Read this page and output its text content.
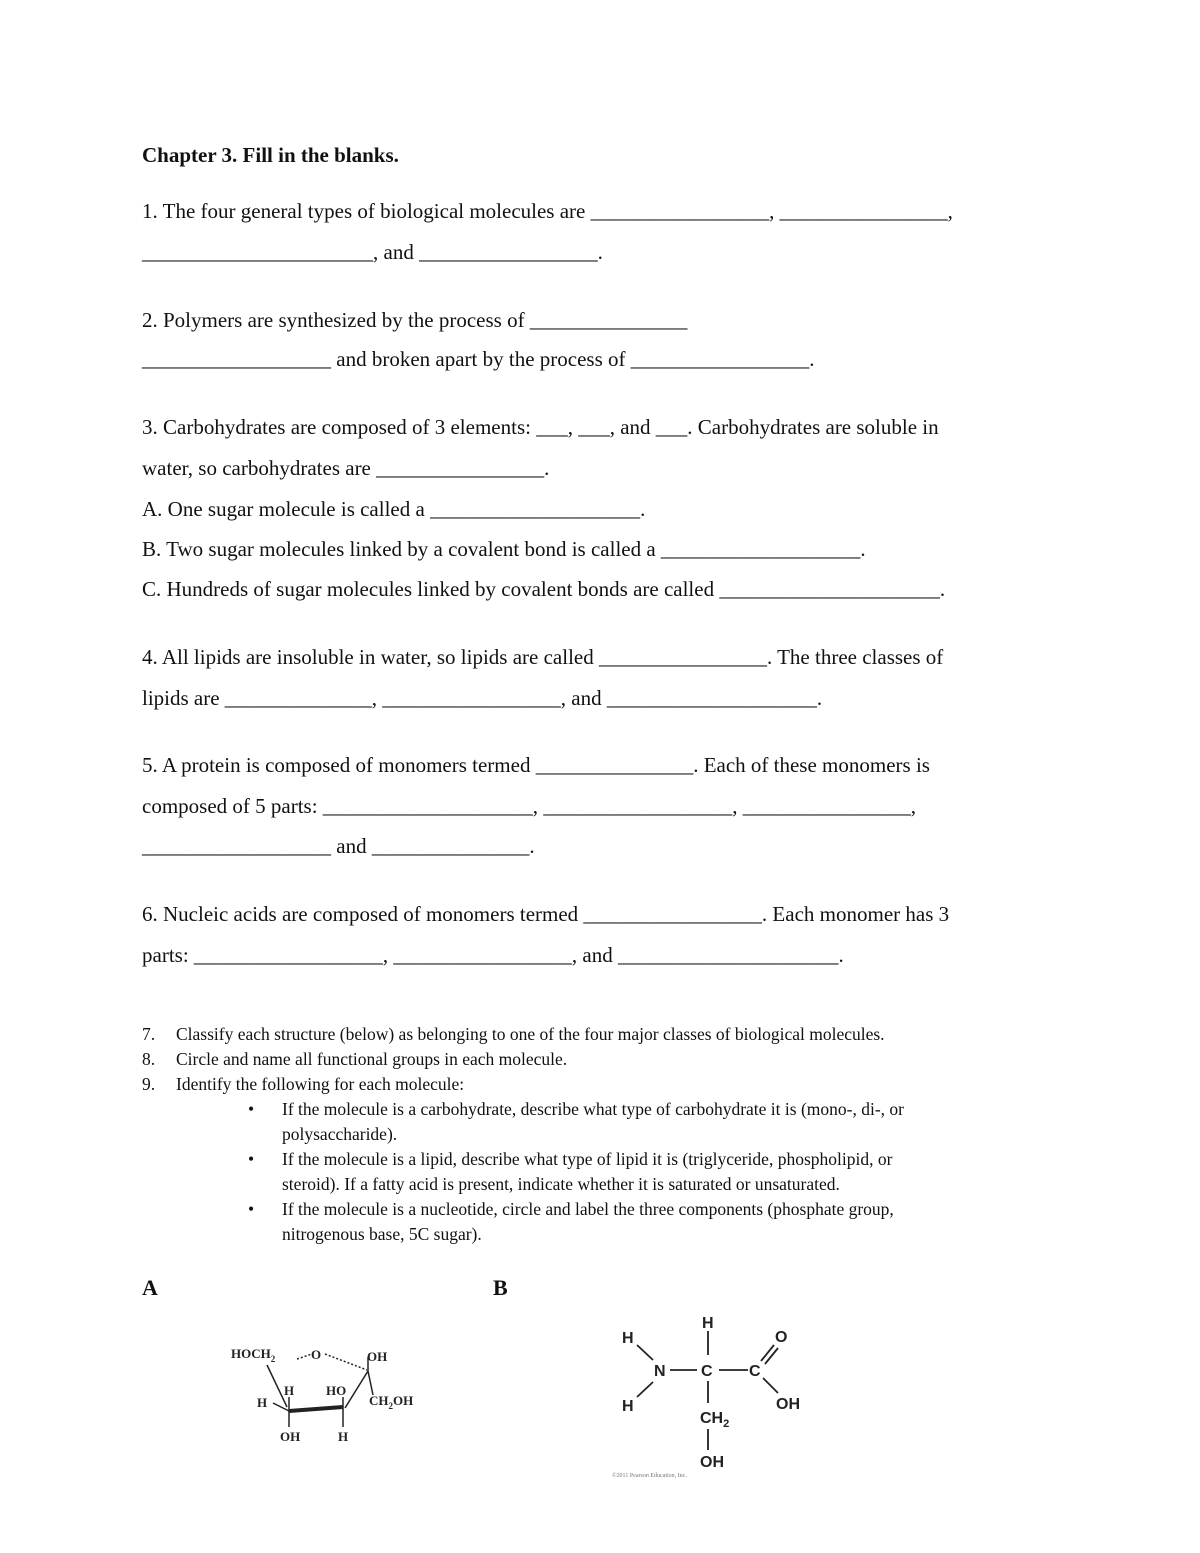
Chapter 3. Fill in the blanks.
1. The four general types of biological molecules are _________________, ________________,
______________________, and _________________.
2. Polymers are synthesized by the process of _______________
__________________ and broken apart by the process of _________________.
3. Carbohydrates are composed of 3 elements: ___, ___, and ___. Carbohydrates are soluble in
water, so carbohydrates are ________________.
A. One sugar molecule is called a ____________________.
B. Two sugar molecules linked by a covalent bond is called a ___________________.
C. Hundreds of sugar molecules linked by covalent bonds are called _____________________.
4. All lipids are insoluble in water, so lipids are called ________________. The three classes of
lipids are ______________, _________________, and ____________________.
5. A protein is composed of monomers termed _______________. Each of these monomers is
composed of 5 parts: ____________________, __________________, ________________,
__________________ and _______________.
6. Nucleic acids are composed of monomers termed _________________. Each monomer has 3
parts: __________________, _________________, and _____________________.
7. Classify each structure (below) as belonging to one of the four major classes of biological molecules.
8. Circle and name all functional groups in each molecule.
9. Identify the following for each molecule:
• If the molecule is a carbohydrate, describe what type of carbohydrate it is (mono-, di-, or
polysaccharide).
• If the molecule is a lipid, describe what type of lipid it is (triglyceride, phospholipid, or
steroid). If a fatty acid is present, indicate whether it is saturated or unsaturated.
• If the molecule is a nucleotide, circle and label the three components (phosphate group,
nitrogenous base, 5C sugar).
A	B
$HOCH_2$	O	OH
H
H HO
$CH_2OH$
OH	H
H
O
H
N C C
H	OH
$CH_2$
OH
©2011 Pearson Education, Inc.
